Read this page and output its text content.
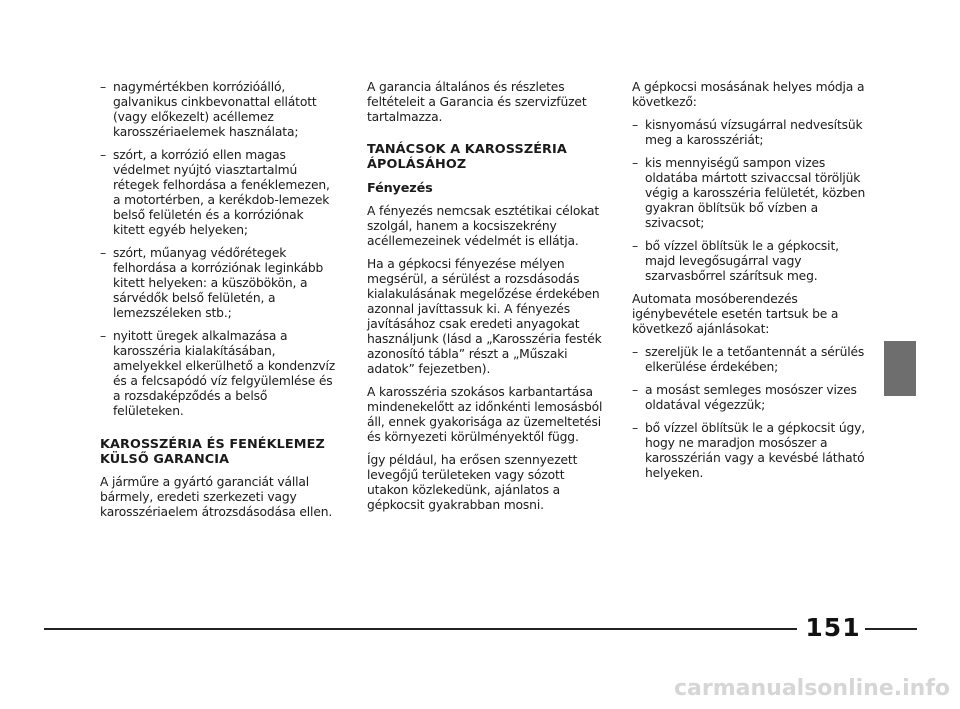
– nagymértékben korrózióálló, galvanikus cinkbevonattal ellátott (vagy előkezelt) acéllemez karosszériaelemek használata;
– szórt, a korrózió ellen magas védelmet nyújtó viasztartalmú rétegek felhordása a fenéklemezen, a motortérben, a kerékdob-lemezek belső felületén és a korróziónak kitett egyéb helyeken;
– szórt, műanyag védőrétegek felhordása a korróziónak leginkább kitett helyeken: a küszöbökön, a sárvédők belső felületén, a lemezszéleken stb.;
– nyitott üregek alkalmazása a karosszéria kialakításában, amelyekkel elkerülhető a kondenzvíz és a felcsapódó víz felgyülemlése és a rozsdaképződés a belső felületeken.
KAROSSZÉRIA ÉS FENÉKLEMEZ KÜLSŐ GARANCIA

A járműre a gyártó garanciát vállal bármely, eredeti szerkezeti vagy karosszériaelem átrozsdásodása ellen.

A garancia általános és részletes feltételeit a Garancia és szervizfüzet tartalmazza.

TANÁCSOK A KAROSSZÉRIA ÁPOLÁSÁHOZ
Fényezés

A fényezés nemcsak esztétikai célokat szolgál, hanem a kocsiszekrény acéllemezeinek védelmét is ellátja.

Ha a gépkocsi fényezése mélyen megsérül, a sérülést a rozsdásodás kialakulásának megelőzése érdekében azonnal javíttassuk ki. A fényezés javításához csak eredeti anyagokat használjunk (lásd a „Karosszéria festék azonosító tábla” részt a „Műszaki adatok” fejezetben).

A karosszéria szokásos karbantartása mindenekelőtt az időnkénti lemosásból áll, ennek gyakorisága az üzemeltetési és környezeti körülményektől függ.

Így például, ha erősen szennyezett levegőjű területeken vagy sózott utakon közlekedünk, ajánlatos a gépkocsit gyakrabban mosni.

A gépkocsi mosásának helyes módja a következő:

– kisnyomású vízsugárral nedvesítsük meg a karosszériát;
– kis mennyiségű sampon vizes oldatába mártott szivaccsal töröljük végig a karosszéria felületét, közben gyakran öblítsük bő vízben a szivacsot;
– bő vízzel öblítsük le a gépkocsit, majd levegősugárral vagy szarvasbőrrel szárítsuk meg.

Automata mosóberendezés igénybevétele esetén tartsuk be a következő ajánlásokat:

– szereljük le a tetőantennát a sérülés elkerülése érdekében;
– a mosást semleges mosószer vizes oldatával végezzük;
– bő vízzel öblítsük le a gépkocsit úgy, hogy ne maradjon mosószer a karosszérián vagy a kevésbé látható helyeken.
151
carmanualsonline.info
